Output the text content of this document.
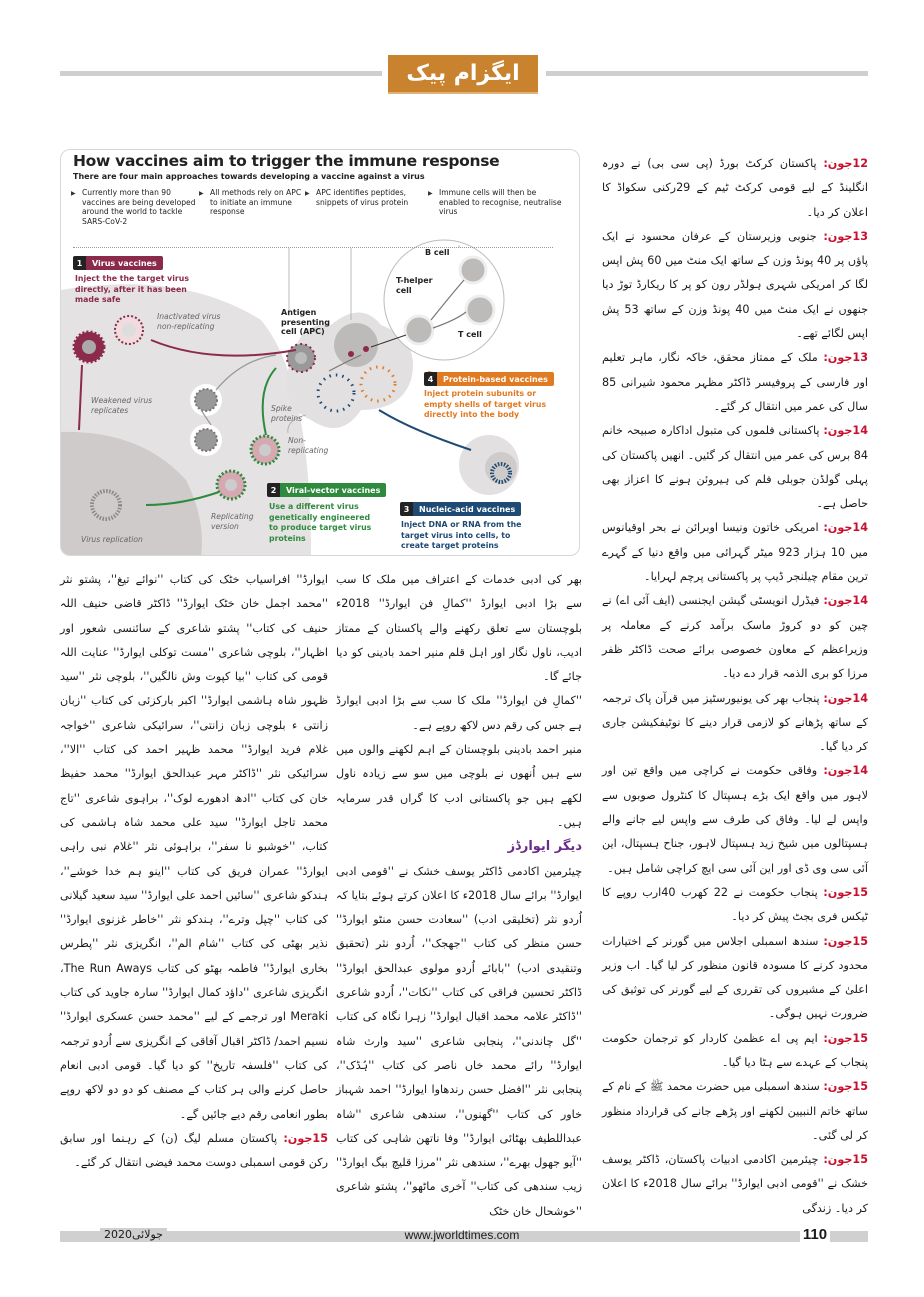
ایگزام پیک
How vaccines aim to trigger the immune response
There are four main approaches towards developing a vaccine against a virus
▶ Currently more than 90 vaccines are being developed around the world to tackle SARS-CoV-2
▶ All methods rely on APC to initiate an immune response
▶ APC identifies peptides, snippets of virus protein
▶ Immune cells will then be enabled to recognise, neutralise virus
1	Virus vaccines
Inject the the target virus directly, after it has been made safe
4	Protein-based vaccines
Inject protein subunits or empty shells of target virus directly into the body
2	Viral-vector vaccines
Use a different virus genetically engineered to produce target virus proteins
3	Nucleic-acid vaccines
Inject DNA or RNA from the target virus into cells, to create target proteins
Inactivated virus non-replicating
Weakened virus replicates
Virus replication
Antigen presenting cell (APC)
Spike proteins
Non-replicating
Replicating version
B cell
T-helper cell
T cell

12جون: پاکستان کرکٹ بورڈ (پی سی بی) نے دورہ انگلینڈ کے لیے قومی کرکٹ ٹیم کے 29رکنی سکواڈ کا اعلان کر دیا۔

13جون: جنوبی وزیرستان کے عرفان محسود نے ایک پاؤں پر 40 پونڈ وزن کے ساتھ ایک منٹ میں 60 پش اپس لگا کر امریکی شہری ہولڈر رون کو پر کا ریکارڈ توڑ دیا جنھوں نے ایک منٹ میں 40 پونڈ وزن کے ساتھ 53 پش اپس لگائے تھے۔

13جون: ملک کے ممتاز محقق، خاکہ نگار، ماہر تعلیم اور فارسی کے پروفیسر ڈاکٹر مظہر محمود شیرانی 85 سال کی عمر میں انتقال کر گئے۔

14جون: پاکستانی فلموں کی متبول اداکارہ صبیحہ خانم 84 برس کی عمر میں انتقال کر گئیں۔ انھیں پاکستان کی پہلی گولڈن جوبلی فلم کی ہیروئن ہونے کا اعزاز بھی حاصل ہے۔

14جون: امریکی خاتون ونیسا اوبرائن نے بحر اوقیانوس میں 10 ہزار 923 میٹر گہرائی میں واقع دنیا کے گہرے ترین مقام چیلنجر ڈیپ پر پاکستانی پرچم لہرایا۔

14جون: فیڈرل انویسٹی گیشن ایجنسی (ایف آئی اے) نے چین کو دو کروڑ ماسک برآمد کرنے کے معاملہ پر وزیراعظم کے معاون خصوصی برائے صحت ڈاکٹر ظفر مرزا کو بری الذمہ قرار دے دیا۔

14جون: پنجاب بھر کی یونیورسٹیز میں قرآن پاک ترجمہ کے ساتھ پڑھانے کو لازمی قرار دینے کا نوٹیفکیشن جاری کر دیا گیا۔

14جون: وفاقی حکومت نے کراچی میں واقع تین اور لاہور میں واقع ایک بڑے ہسپتال کا کنٹرول صوبوں سے واپس لے لیا۔ وفاق کی طرف سے واپس لیے جانے والے ہسپتالوں میں شیخ زید ہسپتال لاہور، جناح ہسپتال، این آئی سی وی ڈی اور این آئی سی ایچ کراچی شامل ہیں۔

15جون: پنجاب حکومت نے 22 کھرب 40ارب روپے کا ٹیکس فری بجٹ پیش کر دیا۔

15جون: سندھ اسمبلی اجلاس میں گورنر کے اختیارات محدود کرنے کا مسودہ قانون منظور کر لیا گیا۔ اب وزیر اعلیٰ کے مشیروں کی تقرری کے لیے گورنر کی توثیق کی ضرورت نہیں ہوگی۔

15جون: ایم پی اے عظمیٰ کاردار کو ترجمان حکومت پنجاب کے عہدے سے ہٹا دیا گیا۔

15جون: سندھ اسمبلی میں حضرت محمد ﷺ کے نام کے ساتھ خاتم النبیین لکھنے اور پڑھے جانے کی قرارداد منظور کر لی گئی۔

15جون: چیئرمین اکادمی ادبیات پاکستان، ڈاکٹر یوسف خشک نے ''قومی ادبی ایوارڈ'' برائے سال 2018ء کا اعلان کر دیا۔ زندگی

بھر کی ادبی خدمات کے اعتراف میں ملک کا سب سے بڑا ادبی ایوارڈ ''کمالِ فن ایوارڈ'' 2018ء بلوچستان سے تعلق رکھنے والے پاکستان کے ممتاز ادیب، ناول نگار اور اہل قلم منیر احمد بادینی کو دیا جائے گا۔

''کمالِ فن ایوارڈ'' ملک کا سب سے بڑا ادبی ایوارڈ ہے جس کی رقم دس لاکھ روپے ہے۔

منیر احمد بادینی بلوچستان کے اہم لکھنے والوں میں سے ہیں اُنھوں نے بلوچی میں سو سے زیادہ ناول لکھے ہیں جو پاکستانی ادب کا گراں قدر سرمایہ ہیں۔

دیگر ایوارڈز

چیئرمین اکادمی ڈاکٹر یوسف خشک نے ''قومی ادبی ایوارڈ'' برائے سال 2018ء کا اعلان کرتے ہوئے بتایا کہ اُردو نثر (تخلیقی ادب) ''سعادت حسن منٹو ایوارڈ'' حسن منظر کی کتاب ''جھجک''، اُردو نثر (تحقیق وتنقیدی ادب) ''بابائے اُردو مولوی عبدالحق ایوارڈ'' ڈاکٹر تحسین فراقی کی کتاب ''نکات''، اُردو شاعری ''ڈاکٹر علامہ محمد اقبال ایوارڈ'' زہرا نگاہ کی کتاب ''گل چاندنی''، پنجابی شاعری ''سید وارث شاہ ایوارڈ'' رائے محمد خاں ناصر کی کتاب ''ہُڈک''، پنجابی نثر ''افضل حسن رندھاوا ایوارڈ'' احمد شہباز خاور کی کتاب ''گھنوں''، سندھی شاعری ''شاہ عبداللطیف بھٹائی ایوارڈ'' وفا ناتھن شاہی کی کتاب ''آیو جھول بھرے''، سندھی نثر ''مرزا قلیچ بیگ ایوارڈ'' زیب سندھی کی کتاب'' آخری ماٹھو''، پشتو شاعری ''خوشحال خان خٹک

ایوارڈ'' افراسیاب خٹک کی کتاب ''نوائے تیغ''، پشتو نثر ''محمد اجمل خان خٹک ایوارڈ'' ڈاکٹر قاضی حنیف اللہ حنیف کی کتاب'' پشتو شاعری کے سائنسی شعور اور اظہار''، بلوچی شاعری ''مست توکلی ایوارڈ'' عنایت اللہ قومی کی کتاب ''بیا کپوت وش نالگیں''، بلوچی نثر ''سید ظہور شاہ ہاشمی ایوارڈ'' اکبر بارکزئی کی کتاب ''زبان زانتی ء بلوچی زبان زانتی''، سرائیکی شاعری ''خواجہ غلام فرید ایوارڈ'' محمد ظہیر احمد کی کتاب ''الا''، سرائیکی نثر ''ڈاکٹر مہر عبدالحق ایوارڈ'' محمد حفیظ خان کی کتاب ''ادھ ادھورے لوک''، براہوی شاعری ''تاج محمد تاجل ایوارڈ'' سید علی محمد شاہ ہاشمی کی کتاب، ''خوشبو نا سفر''، براہوئی نثر ''غلام نبی راہی ایوارڈ'' عمران فریق کی کتاب ''اینو ہم خدا خوشے''، ہندکو شاعری ''سائیں احمد علی ایوارڈ'' سید سعید گیلانی کی کتاب ''چپل وترے''، ہندکو نثر ''خاطر غزنوی ایوارڈ'' نذیر بھٹی کی کتاب ''شام الم''، انگریزی نثر ''پطرس بخاری ایوارڈ'' فاطمہ بھٹو کی کتاب The Run Aways، انگریزی شاعری ''داؤد کمال ایوارڈ'' سارہ جاوید کی کتاب Meraki اور ترجمے کے لیے ''محمد حسن عسکری ایوارڈ'' نسیم احمد/ ڈاکٹر اقبال آفاقی کے انگریزی سے اُردو ترجمہ کی کتاب ''فلسفہ تاریخ'' کو دیا گیا۔ قومی ادبی انعام حاصل کرنے والی ہر کتاب کے مصنف کو دو دو لاکھ روپے بطور انعامی رقم دیے جائیں گے۔

15جون: پاکستان مسلم لیگ (ن) کے رہنما اور سابق رکن قومی اسمبلی دوست محمد فیضی انتقال کر گئے۔

جولائی2020	www.jworldtimes.com	110
